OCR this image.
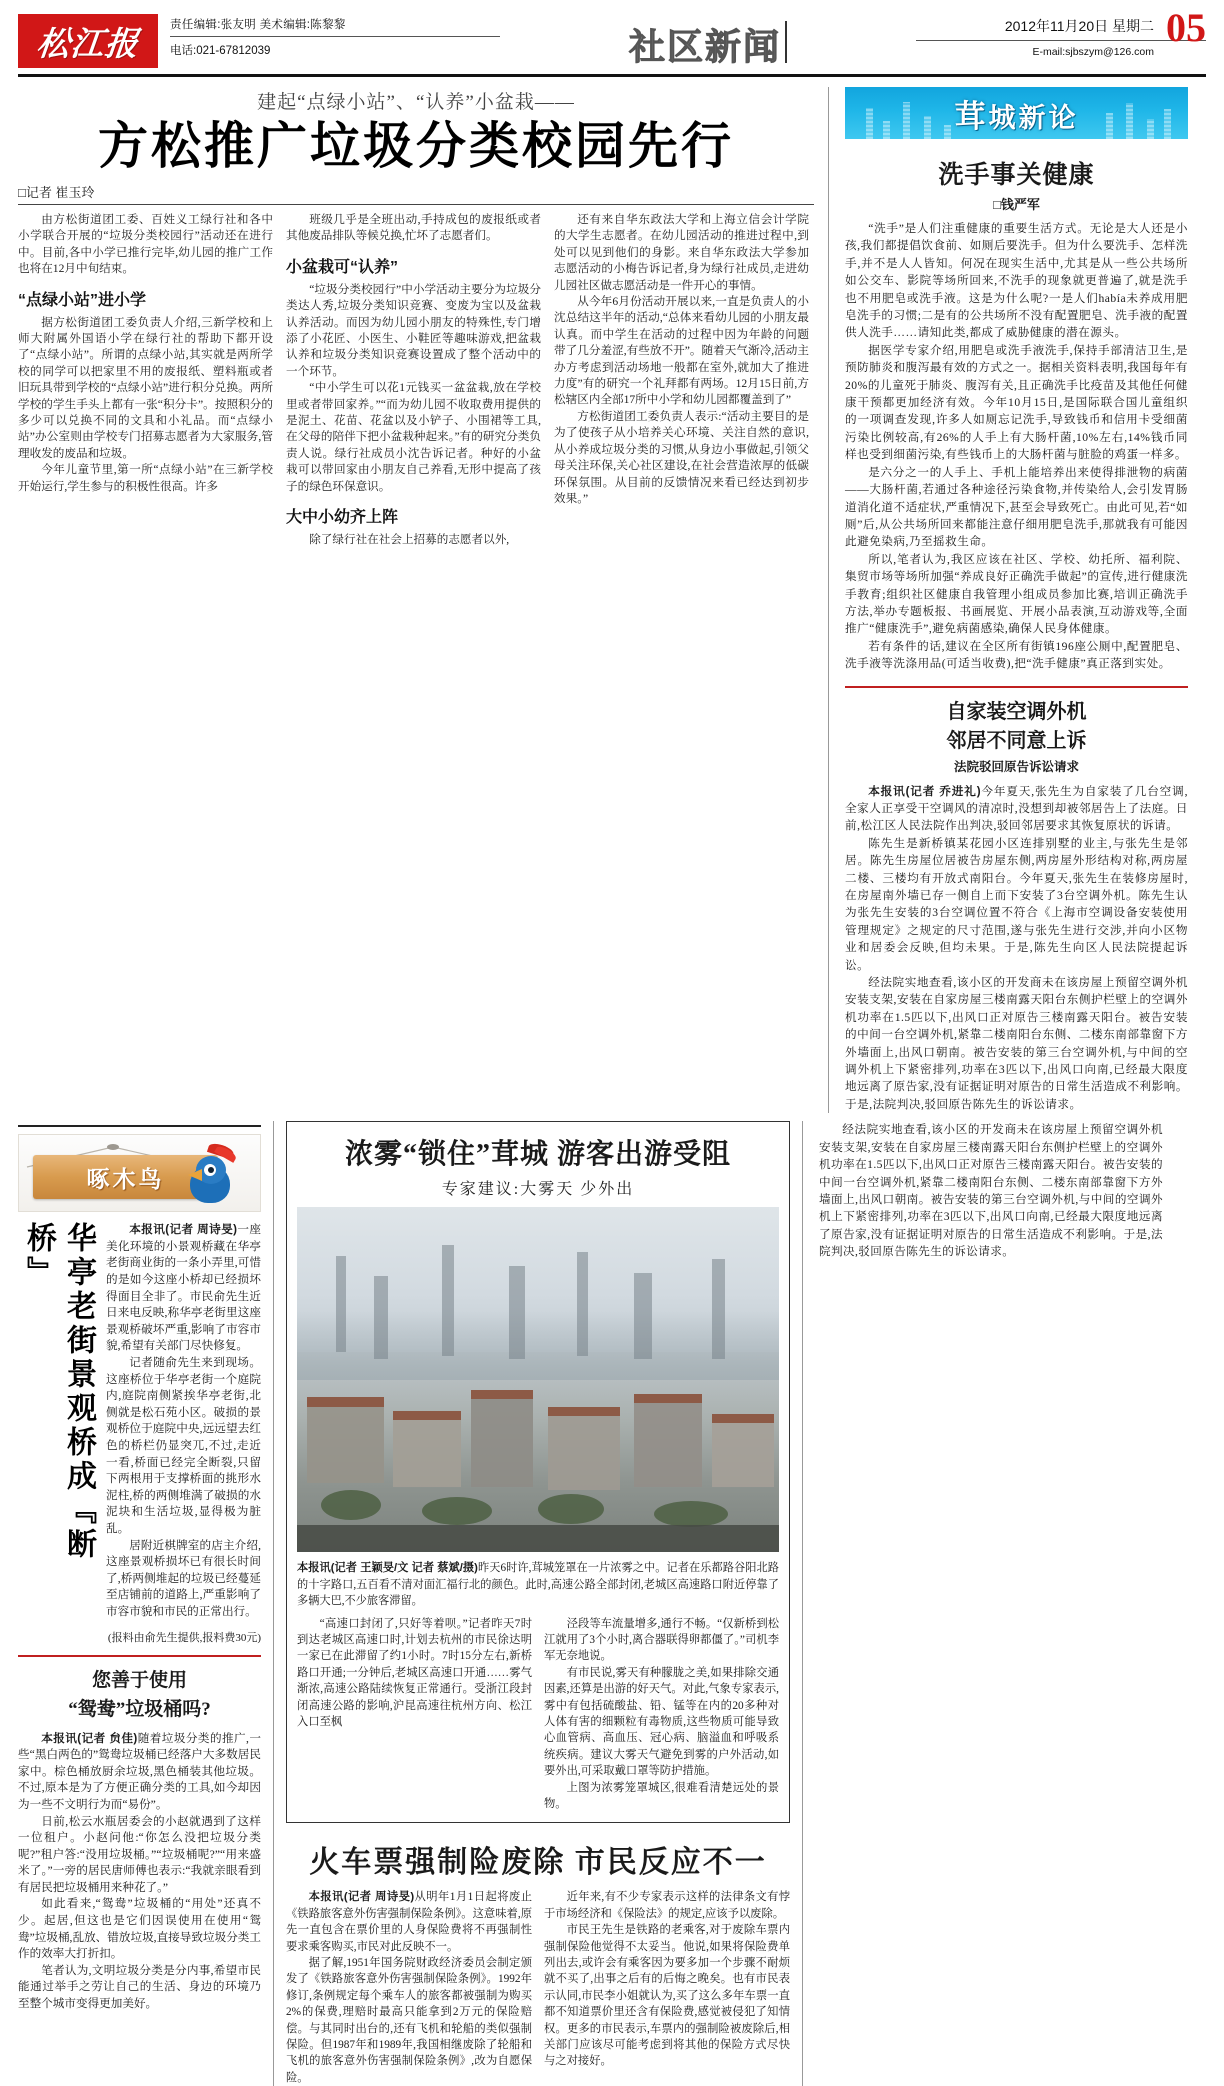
松江报
责任编辑:张友明 美术编辑:陈黎黎
电话:021-67812039	社区新闻	2012年11月20日 星期二
E-mail:sjbszym@126.com
05
建起“点绿小站”、“认养”小盆栽——
方松推广垃圾分类校园先行
□记者 崔玉玲

由方松街道团工委、百姓义工绿行社和各中小学联合开展的“垃圾分类校园行”活动还在进行中。目前,各中小学已推行完毕,幼儿园的推广工作也将在12月中旬结束。

“点绿小站”进小学

据方松街道团工委负责人介绍,三新学校和上师大附属外国语小学在绿行社的帮助下都开设了“点绿小站”。所谓的点绿小站,其实就是两所学校的同学可以把家里不用的废报纸、塑料瓶或者旧玩具带到学校的“点绿小站”进行积分兑换。两所学校的学生手头上都有一张“积分卡”。按照积分的多少可以兑换不同的文具和小礼品。而“点绿小站”办公室则由学校专门招募志愿者为大家服务,管理收发的废品和垃圾。

今年儿童节里,第一所“点绿小站”在三新学校开始运行,学生参与的积极性很高。许多

班级几乎是全班出动,手持成包的废报纸或者其他废品排队等候兑换,忙坏了志愿者们。

小盆栽可“认养”

“垃圾分类校园行”中小学活动主要分为垃圾分类达人秀,垃圾分类知识竞赛、变废为宝以及盆栽认养活动。而因为幼儿园小朋友的特殊性,专门增添了小花匠、小医生、小鞋匠等趣味游戏,把盆栽认养和垃圾分类知识竞赛设置成了整个活动中的一个环节。

“中小学生可以花1元钱买一盆盆栽,放在学校里或者带回家养。”“而为幼儿园不收取费用提供的是泥土、花苗、花盆以及小铲子、小围裙等工具,在父母的陪伴下把小盆栽种起来。”有的研究分类负责人说。绿行社成员小沈告诉记者。种好的小盆栽可以带回家由小朋友自己养看,无形中提高了孩子的绿色环保意识。

大中小幼齐上阵

除了绿行社在社会上招募的志愿者以外,

还有来自华东政法大学和上海立信会计学院的大学生志愿者。在幼儿园活动的推进过程中,到处可以见到他们的身影。来自华东政法大学参加志愿活动的小梅告诉记者,身为绿行社成员,走进幼儿园社区做志愿活动是一件开心的事情。

从今年6月份活动开展以来,一直是负责人的小沈总结这半年的活动,“总体来看幼儿园的小朋友最认真。而中学生在活动的过程中因为年龄的问题带了几分羞涩,有些放不开”。随着天气渐冷,活动主办方考虑到活动场地一般都在室外,就加大了推进力度”有的研究一个礼拜都有两场。12月15日前,方松辖区内全部17所中小学和幼儿园都覆盖到了”

方松街道团工委负责人表示:“活动主要目的是为了使孩子从小培养关心环境、关注自然的意识,从小养成垃圾分类的习惯,从身边小事做起,引领父母关注环保,关心社区建设,在社会营造浓厚的低碳环保氛围。从目前的反馈情况来看已经达到初步效果。”

茸城新论
洗手事关健康
□钱严军

“洗手”是人们注重健康的重要生活方式。无论是大人还是小孩,我们都提倡饮食前、如厕后要洗手。但为什么要洗手、怎样洗手,并不是人人皆知。何况在现实生活中,尤其是从一些公共场所如公交车、影院等场所回来,不洗手的现象就更普遍了,就是洗手也不用肥皂或洗手液。这是为什么呢?一是人们había未养成用肥皂洗手的习惯;二是有的公共场所不没有配置肥皂、洗手液的配置供人洗手……请知此类,都成了威胁健康的潜在源头。

据医学专家介绍,用肥皂或洗手液洗手,保持手部清洁卫生,是预防肺炎和腹泻最有效的方式之一。据相关资料表明,我国每年有20%的儿童死于肺炎、腹泻有关,且正确洗手比疫苗及其他任何健康干预都更加经济有效。今年10月15日,是国际联合国儿童组织的一项调查发现,许多人如厕忘记洗手,导致钱币和信用卡受细菌污染比例较高,有26%的人手上有大肠杆菌,10%左右,14%钱币同样也受到细菌污染,有些钱币上的大肠杆菌与脏脸的鸡蛋一样多。

是六分之一的人手上、手机上能培养出来使得排泄物的病菌——大肠杆菌,若通过各种途径污染食物,并传染给人,会引发胃肠道消化道不适症状,严重情况下,甚至会导致死亡。由此可见,若“如厕”后,从公共场所回来都能注意仔细用肥皂洗手,那就我有可能因此避免染病,乃至摇救生命。

所以,笔者认为,我区应该在社区、学校、幼托所、福利院、集贸市场等场所加强“养成良好正确洗手做起”的宣传,进行健康洗手教育;组织社区健康自我管理小组成员参加比赛,培训正确洗手方法,举办专题板报、书画展览、开展小品表演,互动游戏等,全面推广“健康洗手”,避免病菌感染,确保人民身体健康。

若有条件的话,建议在全区所有街镇196座公厕中,配置肥皂、洗手液等洗涤用品(可适当收费),把“洗手健康”真正落到实处。

自家装空调外机
邻居不同意上诉
法院驳回原告诉讼请求

本报讯(记者 乔进礼)今年夏天,张先生为自家装了几台空调,全家人正享受干空调风的清凉时,没想到却被邻居告上了法庭。日前,松江区人民法院作出判决,驳回邻居要求其恢复原状的诉请。

陈先生是新桥镇某花园小区连排别墅的业主,与张先生是邻居。陈先生房屋位居被告房屋东侧,两房屋外形结构对称,两房屋二楼、三楼均有开放式南阳台。今年夏天,张先生在装修房屋时,在房屋南外墙已存一侧自上而下安装了3台空调外机。陈先生认为张先生安装的3台空调位置不符合《上海市空调设备安装使用管理规定》之规定的尺寸范围,遂与张先生进行交涉,并向小区物业和居委会反映,但均未果。于是,陈先生向区人民法院提起诉讼。

经法院实地查看,该小区的开发商未在该房屋上预留空调外机安装支架,安装在自家房屋三楼南露天阳台东侧护栏壁上的空调外机功率在1.5匹以下,出风口正对原告三楼南露天阳台。被告安装的中间一台空调外机,紧靠二楼南阳台东侧、二楼东南部靠窗下方外墙面上,出风口朝南。被告安装的第三台空调外机,与中间的空调外机上下紧密排列,功率在3匹以下,出风口向南,已经最大限度地远离了原告家,没有证据证明对原告的日常生活造成不利影响。于是,法院判决,驳回原告陈先生的诉讼请求。

啄木鸟
华亭老街景观桥成『断桥』	本报讯(记者 周诗旻)一座美化环境的小景观桥藏在华亭老街商业街的一条小弄里,可惜的是如今这座小桥却已经损坏得面目全非了。市民俞先生近日来电反映,称华亭老街里这座景观桥破坏严重,影响了市容市貌,希望有关部门尽快修复。

记者随俞先生来到现场。这座桥位于华亭老街一个庭院内,庭院南侧紧挨华亭老街,北侧就是松石苑小区。破损的景观桥位于庭院中央,远远望去红色的桥栏仍显突兀,不过,走近一看,桥面已经完全断裂,只留下两根用于支撑桥面的挑形水泥柱,桥的两侧堆满了破损的水泥块和生活垃圾,显得极为脏乱。

居附近棋牌室的店主介绍,这座景观桥损坏已有很长时间了,桥两侧堆起的垃圾已经蔓延至店铺前的道路上,严重影响了市容市貌和市民的正常出行。

(报料由俞先生提供,报料费30元)
您善于使用
“鸳鸯”垃圾桶吗?

本报讯(记者 贠佳)随着垃圾分类的推广,一些“黑白两色的”鸳鸯垃圾桶已经落户大多数居民家中。棕色桶放厨余垃圾,黑色桶装其他垃圾。不过,原本是为了方便正确分类的工具,如今却因为一些不文明行为而“易份”。

日前,松云水瓶居委会的小赵就遇到了这样一位租户。小赵问他:“你怎么没把垃圾分类呢?”租户答:“没用垃圾桶。”“垃圾桶呢?”“用来盛米了。”一旁的居民唐师傅也表示:“我就亲眼看到有居民把垃圾桶用来种花了。”

如此看来,“鸳鸯”垃圾桶的“用处”还真不少。起居,但这也是它们因误使用在使用“鸳鸯”垃圾桶,乱放、错放垃圾,直接导致垃圾分类工作的效率大打折扣。

笔者认为,文明垃圾分类是分内事,希望市民能通过举手之劳让自己的生活、身边的环境乃至整个城市变得更加美好。

浓雾“锁住”茸城 游客出游受阻
专家建议:大雾天 少外出
本报讯(记者 王颖旻/文 记者 蔡斌/摄)昨天6时许,茸城笼罩在一片浓雾之中。记者在乐都路谷阳北路的十字路口,五百看不清对面汇福行北的颜色。此时,高速公路全部封闭,老城区高速路口附近停靠了多辆大巴,不少旅客滞留。

“高速口封闭了,只好等着呗。”记者昨天7时到达老城区高速口时,计划去杭州的市民徐达明一家已在此滞留了约1小时。7时15分左右,新桥路口开通;一分钟后,老城区高速口开通……雾气渐浓,高速公路陆续恢复正常通行。受浙江段封闭高速公路的影响,沪昆高速往杭州方向、松江入口至枫

泾段等车流量增多,通行不畅。“仅新桥到松江就用了3个小时,离合器联得卵都僵了。”司机李军无奈地说。

有市民说,雾天有种朦胧之美,如果排除交通因素,还算是出游的好天气。对此,气象专家表示,雾中有包括硫酸盐、铅、锰等在内的20多种对人体有害的细颗粒有毒物质,这些物质可能导致心血管病、高血压、冠心病、脑溢血和呼吸系统疾病。建议大雾天气避免到雾的户外活动,如要外出,可采取戴口罩等防护措施。

上图为浓雾笼罩城区,很难看清楚远处的景物。

火车票强制险废除 市民反应不一

本报讯(记者 周诗旻)从明年1月1日起将废止《铁路旅客意外伤害强制保险条例》。这意味着,原先一直包含在票价里的人身保险费将不再强制性要求乘客购买,市民对此反映不一。

据了解,1951年国务院财政经济委员会制定颁发了《铁路旅客意外伤害强制保险条例》。1992年修订,条例规定每个乘车人的旅客都被强制为购买2%的保费,理赔时最高只能拿到2万元的保险赔偿。与其同时出台的,还有飞机和轮船的类似强制保险。但1987年和1989年,我国相继废除了轮船和飞机的旅客意外伤害强制保险条例》,改为自愿保险。

近年来,有不少专家表示这样的法律条文有悖于市场经济和《保险法》的规定,应该予以废除。

市民王先生是铁路的老乘客,对于废除车票内强制保险他觉得不太妥当。他说,如果将保险费单列出去,或许会有乘客因为要多加一个步骤不耐烦就不买了,出事之后有的后悔之晚矣。也有市民表示认同,市民李小姐就认为,买了这么多年车票一直都不知道票价里还含有保险费,感觉被侵犯了知情权。更多的市民表示,车票内的强制险被废除后,相关部门应该尽可能考虑到将其他的保险方式尽快与之对接好。

经法院实地查看,该小区的开发商未在该房屋上预留空调外机安装支架,安装在自家房屋三楼南露天阳台东侧护栏壁上的空调外机功率在1.5匹以下,出风口正对原告三楼南露天阳台。被告安装的中间一台空调外机,紧靠二楼南阳台东侧、二楼东南部靠窗下方外墙面上,出风口朝南。被告安装的第三台空调外机,与中间的空调外机上下紧密排列,功率在3匹以下,出风口向南,已经最大限度地远离了原告家,没有证据证明对原告的日常生活造成不利影响。于是,法院判决,驳回原告陈先生的诉讼请求。
